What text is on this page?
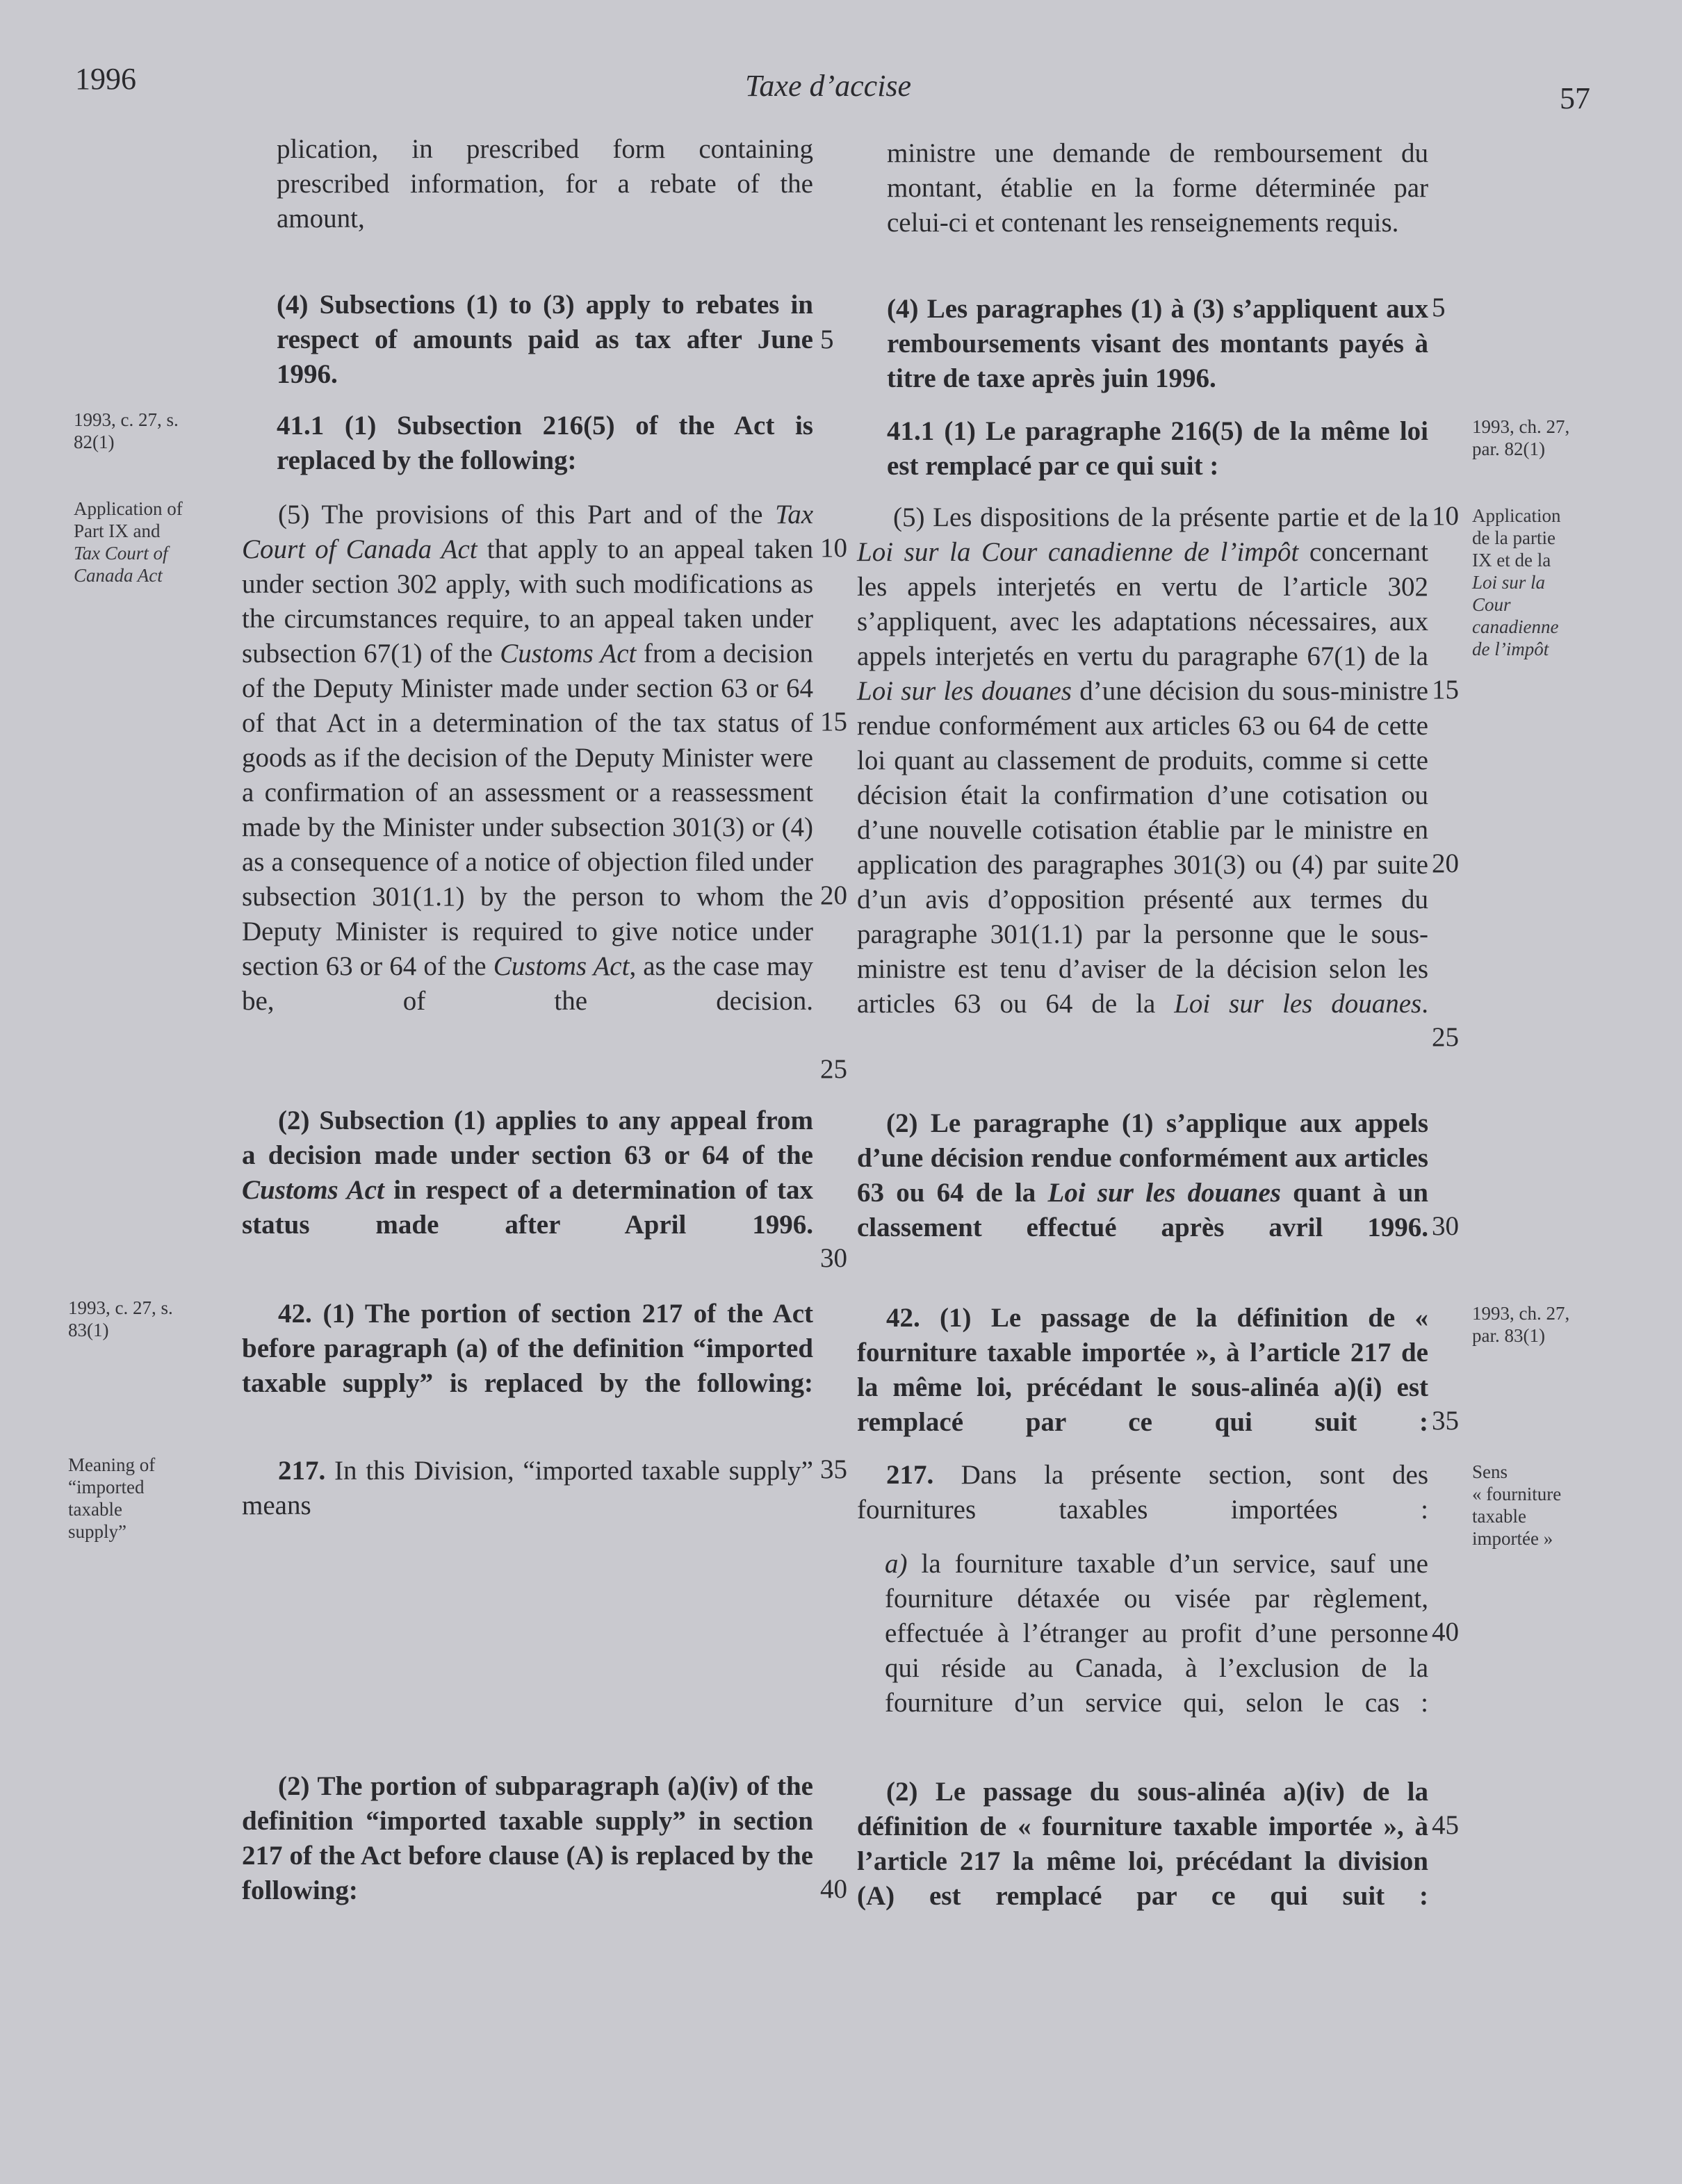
1996	Taxe d’accise	57
1993, c. 27, s. 82(1)
Application of
Part IX and
Tax Court of
Canada Act
1993, c. 27, s. 83(1)
Meaning of
“imported
taxable
supply”
1993, ch. 27, par. 82(1)
Application
de la partie
IX et de la
Loi sur la
Cour
canadienne
de l’impôt
1993, ch. 27, par. 83(1)
Sens
« fourniture
taxable
importée »
plication, in prescribed form containing prescribed information, for a rebate of the amount,
(4) Subsections (1) to (3) apply to rebates in respect of amounts paid as tax after June 1996.
41.1 (1) Subsection 216(5) of the Act is replaced by the following:
(5) The provisions of this Part and of the Tax Court of Canada Act that apply to an appeal taken under section 302 apply, with such modifications as the circumstances require, to an appeal taken under subsection 67(1) of the Customs Act from a decision of the Deputy Minister made under section 63 or 64 of that Act in a determination of the tax status of goods as if the decision of the Deputy Minister were a confirmation of an assessment or a reassessment made by the Minister under subsection 301(3) or (4) as a consequence of a notice of objection filed under subsection 301(1.1) by the person to whom the Deputy Minister is required to give notice under section 63 or 64 of the Customs Act, as the case may be, of the decision.
(2) Subsection (1) applies to any appeal from a decision made under section 63 or 64 of the Customs Act in respect of a determination of tax status made after April 1996.
42. (1) The portion of section 217 of the Act before paragraph (a) of the definition “imported taxable supply” is replaced by the following:
217. In this Division, “imported taxable supply” means
(2) The portion of subparagraph (a)(iv) of the definition “imported taxable supply” in section 217 of the Act before clause (A) is replaced by the following:
ministre une demande de remboursement du montant, établie en la forme déterminée par celui-ci et contenant les renseignements requis.
(4) Les paragraphes (1) à (3) s’appliquent aux remboursements visant des montants payés à titre de taxe après juin 1996.
41.1 (1) Le paragraphe 216(5) de la même loi est remplacé par ce qui suit :
(5) Les dispositions de la présente partie et de la Loi sur la Cour canadienne de l’impôt concernant les appels interjetés en vertu de l’article 302 s’appliquent, avec les adaptations nécessaires, aux appels interjetés en vertu du paragraphe 67(1) de la Loi sur les douanes d’une décision du sous-ministre rendue conformément aux articles 63 ou 64 de cette loi quant au classement de produits, comme si cette décision était la confirmation d’une cotisation ou d’une nouvelle cotisation établie par le ministre en application des paragraphes 301(3) ou (4) par suite d’un avis d’opposition présenté aux termes du paragraphe 301(1.1) par la personne que le sous-ministre est tenu d’aviser de la décision selon les articles 63 ou 64 de la Loi sur les douanes.
(2) Le paragraphe (1) s’applique aux appels d’une décision rendue conformément aux articles 63 ou 64 de la Loi sur les douanes quant à un classement effectué après avril 1996.
42. (1) Le passage de la définition de « fourniture taxable importée », à l’article 217 de la même loi, précédant le sous-alinéa a)(i) est remplacé par ce qui suit :
217. Dans la présente section, sont des fournitures taxables importées :
a) la fourniture taxable d’un service, sauf une fourniture détaxée ou visée par règlement, effectuée à l’étranger au profit d’une personne qui réside au Canada, à l’exclusion de la fourniture d’un service qui, selon le cas :
(2) Le passage du sous-alinéa a)(iv) de la définition de « fourniture taxable importée », à l’article 217 la même loi, précédant la division (A) est remplacé par ce qui suit :
5
10
15
20
25
30
35
40
5
10
15
20
25
30
35
40
45
